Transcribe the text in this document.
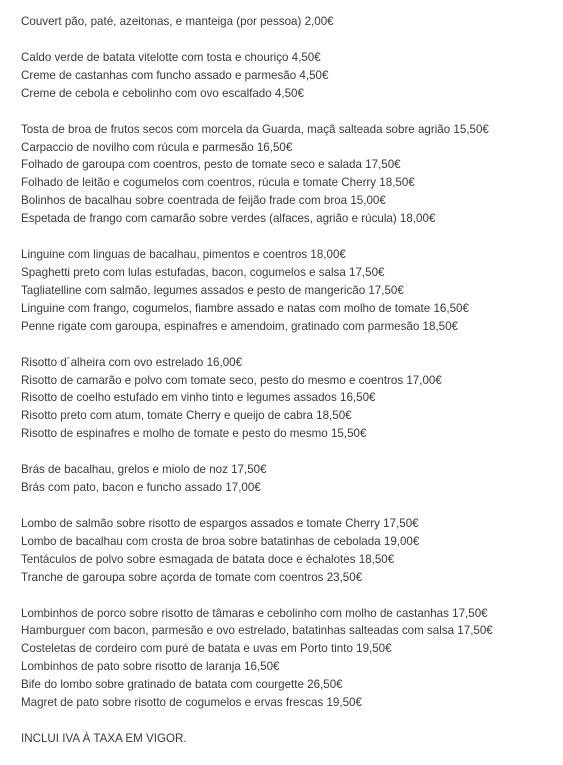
Couvert pão, paté, azeitonas, e manteiga (por pessoa) 2,00€
Caldo verde de batata vitelotte com tosta e chouriço 4,50€
Creme de castanhas com funcho assado e parmesão 4,50€
Creme de cebola e cebolinho com ovo escalfado 4,50€
Tosta de broa de frutos secos com morcela da Guarda, maçã salteada sobre agrião 15,50€
Carpaccio de novilho com rúcula e parmesão 16,50€
Folhado de garoupa com coentros, pesto de tomate seco e salada 17,50€
Folhado de leitão e cogumelos com coentros, rúcula e tomate Cherry 18,50€
Bolinhos de bacalhau sobre coentrada de feijão frade com broa 15,00€
Espetada de frango com camarão sobre verdes (alfaces, agrião e rúcula) 18,00€
Linguine com linguas de bacalhau, pimentos e coentros 18,00€
Spaghetti preto com lulas estufadas, bacon, cogumelos e salsa 17,50€
Tagliatelline com salmão, legumes assados e pesto de mangericão 17,50€
Linguine com frango, cogumelos, fiambre assado e natas com molho de tomate 16,50€
Penne rigate com garoupa, espinafres e amendoim, gratinado com parmesão 18,50€
Risotto d´alheira com ovo estrelado 16,00€
Risotto de camarão e polvo com tomate seco, pesto do mesmo e coentros 17,00€
Risotto de coelho estufado em vinho tinto e legumes assados 16,50€
Risotto preto com atum, tomate Cherry e queijo de cabra 18,50€
Risotto de espinafres e molho de tomate e pesto do mesmo 15,50€
Brás de bacalhau, grelos e miolo de noz 17,50€
Brás com pato, bacon e funcho assado 17,00€
Lombo de salmão sobre risotto de espargos assados e tomate Cherry 17,50€
Lombo de bacalhau com crosta de broa sobre batatinhas de cebolada 19,00€
Tentáculos de polvo sobre esmagada de batata doce e échalotes 18,50€
Tranche de garoupa sobre açorda de tomate com coentros 23,50€
Lombinhos de porco sobre risotto de tâmaras e cebolinho com molho de castanhas 17,50€
Hamburguer com bacon, parmesão e ovo estrelado, batatinhas salteadas com salsa 17,50€
Costeletas de cordeiro com puré de batata e uvas em Porto tinto 19,50€
Lombinhos de pato sobre risotto de laranja 16,50€
Bife do lombo sobre gratinado de batata com courgette 26,50€
Magret de pato sobre risotto de cogumelos e ervas frescas 19,50€
INCLUI IVA À TAXA EM VIGOR.
